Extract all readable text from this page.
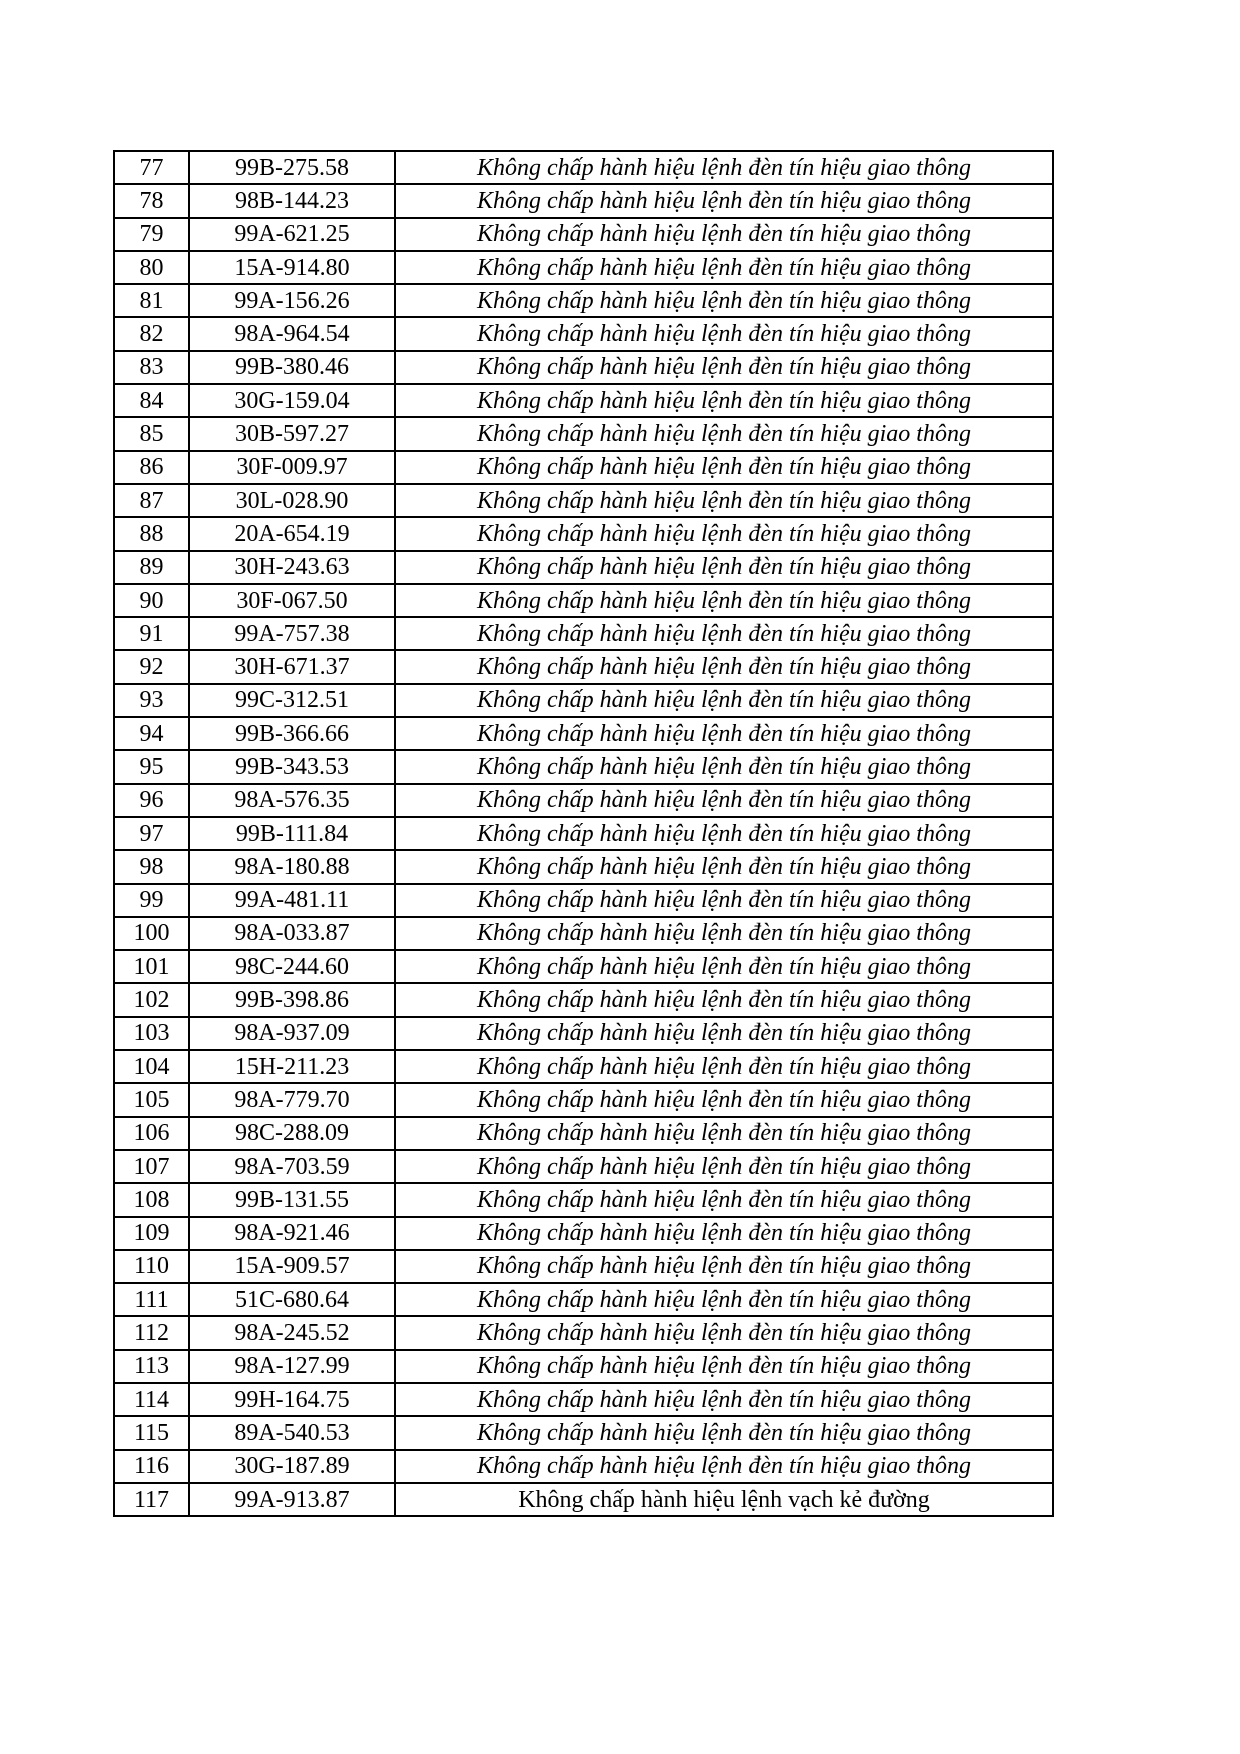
77	99B-275.58	Không chấp hành hiệu lệnh đèn tín hiệu giao thông
78	98B-144.23	Không chấp hành hiệu lệnh đèn tín hiệu giao thông
79	99A-621.25	Không chấp hành hiệu lệnh đèn tín hiệu giao thông
80	15A-914.80	Không chấp hành hiệu lệnh đèn tín hiệu giao thông
81	99A-156.26	Không chấp hành hiệu lệnh đèn tín hiệu giao thông
82	98A-964.54	Không chấp hành hiệu lệnh đèn tín hiệu giao thông
83	99B-380.46	Không chấp hành hiệu lệnh đèn tín hiệu giao thông
84	30G-159.04	Không chấp hành hiệu lệnh đèn tín hiệu giao thông
85	30B-597.27	Không chấp hành hiệu lệnh đèn tín hiệu giao thông
86	30F-009.97	Không chấp hành hiệu lệnh đèn tín hiệu giao thông
87	30L-028.90	Không chấp hành hiệu lệnh đèn tín hiệu giao thông
88	20A-654.19	Không chấp hành hiệu lệnh đèn tín hiệu giao thông
89	30H-243.63	Không chấp hành hiệu lệnh đèn tín hiệu giao thông
90	30F-067.50	Không chấp hành hiệu lệnh đèn tín hiệu giao thông
91	99A-757.38	Không chấp hành hiệu lệnh đèn tín hiệu giao thông
92	30H-671.37	Không chấp hành hiệu lệnh đèn tín hiệu giao thông
93	99C-312.51	Không chấp hành hiệu lệnh đèn tín hiệu giao thông
94	99B-366.66	Không chấp hành hiệu lệnh đèn tín hiệu giao thông
95	99B-343.53	Không chấp hành hiệu lệnh đèn tín hiệu giao thông
96	98A-576.35	Không chấp hành hiệu lệnh đèn tín hiệu giao thông
97	99B-111.84	Không chấp hành hiệu lệnh đèn tín hiệu giao thông
98	98A-180.88	Không chấp hành hiệu lệnh đèn tín hiệu giao thông
99	99A-481.11	Không chấp hành hiệu lệnh đèn tín hiệu giao thông
100	98A-033.87	Không chấp hành hiệu lệnh đèn tín hiệu giao thông
101	98C-244.60	Không chấp hành hiệu lệnh đèn tín hiệu giao thông
102	99B-398.86	Không chấp hành hiệu lệnh đèn tín hiệu giao thông
103	98A-937.09	Không chấp hành hiệu lệnh đèn tín hiệu giao thông
104	15H-211.23	Không chấp hành hiệu lệnh đèn tín hiệu giao thông
105	98A-779.70	Không chấp hành hiệu lệnh đèn tín hiệu giao thông
106	98C-288.09	Không chấp hành hiệu lệnh đèn tín hiệu giao thông
107	98A-703.59	Không chấp hành hiệu lệnh đèn tín hiệu giao thông
108	99B-131.55	Không chấp hành hiệu lệnh đèn tín hiệu giao thông
109	98A-921.46	Không chấp hành hiệu lệnh đèn tín hiệu giao thông
110	15A-909.57	Không chấp hành hiệu lệnh đèn tín hiệu giao thông
111	51C-680.64	Không chấp hành hiệu lệnh đèn tín hiệu giao thông
112	98A-245.52	Không chấp hành hiệu lệnh đèn tín hiệu giao thông
113	98A-127.99	Không chấp hành hiệu lệnh đèn tín hiệu giao thông
114	99H-164.75	Không chấp hành hiệu lệnh đèn tín hiệu giao thông
115	89A-540.53	Không chấp hành hiệu lệnh đèn tín hiệu giao thông
116	30G-187.89	Không chấp hành hiệu lệnh đèn tín hiệu giao thông
117	99A-913.87	Không chấp hành hiệu lệnh vạch kẻ đường
